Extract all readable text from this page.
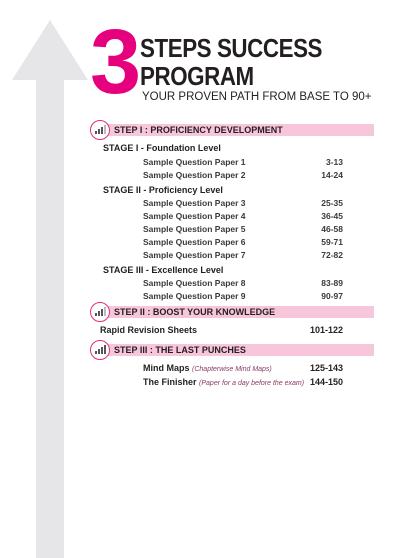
3 STEPS SUCCESS
PROGRAM
YOUR PROVEN PATH FROM BASE TO 90+
STEP I : PROFICIENCY DEVELOPMENT
STAGE I - Foundation Level
Sample Question Paper 1	3-13
Sample Question Paper 2	14-24
STAGE II - Proficiency Level
Sample Question Paper 3	25-35
Sample Question Paper 4	36-45
Sample Question Paper 5	46-58
Sample Question Paper 6	59-71
Sample Question Paper 7	72-82
STAGE III - Excellence Level
Sample Question Paper 8	83-89
Sample Question Paper 9	90-97
STEP II : BOOST YOUR KNOWLEDGE
Rapid Revision Sheets	101-122
STEP III : THE LAST PUNCHES
Mind Maps (Chapterwise Mind Maps)	125-143
The Finisher (Paper for a day before the exam) 144-150
